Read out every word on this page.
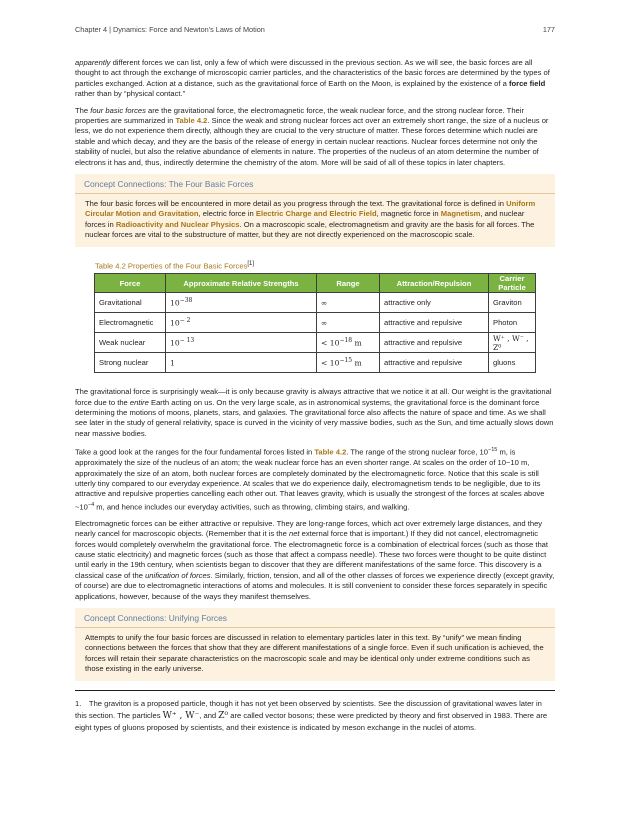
Chapter 4 | Dynamics: Force and Newton's Laws of Motion	177

apparently different forces we can list, only a few of which were discussed in the previous section. As we will see, the basic forces are all thought to act through the exchange of microscopic carrier particles, and the characteristics of the basic forces are determined by the types of particles exchanged. Action at a distance, such as the gravitational force of Earth on the Moon, is explained by the existence of a force field rather than by “physical contact.”

The four basic forces are the gravitational force, the electromagnetic force, the weak nuclear force, and the strong nuclear force. Their properties are summarized in Table 4.2. Since the weak and strong nuclear forces act over an extremely short range, the size of a nucleus or less, we do not experience them directly, although they are crucial to the very structure of matter. These forces determine which nuclei are stable and which decay, and they are the basis of the release of energy in certain nuclear reactions. Nuclear forces determine not only the stability of nuclei, but also the relative abundance of elements in nature. The properties of the nucleus of an atom determine the number of electrons it has and, thus, indirectly determine the chemistry of the atom. More will be said of all of these topics in later chapters.

Concept Connections: The Four Basic Forces

The four basic forces will be encountered in more detail as you progress through the text. The gravitational force is defined in Uniform Circular Motion and Gravitation, electric force in Electric Charge and Electric Field, magnetic force in Magnetism, and nuclear forces in Radioactivity and Nuclear Physics. On a macroscopic scale, electromagnetism and gravity are the basis for all forces. The nuclear forces are vital to the substructure of matter, but they are not directly experienced on the macroscopic scale.

Table 4.2 Properties of the Four Basic Forces[1]
Force	Approximate Relative Strengths	Range	Attraction/Repulsion	Carrier Particle
Gravitational	$10^{-38}$	∞	attractive only	Graviton
Electromagnetic	$10^{- 2}$	∞	attractive and repulsive	Photon
Weak nuclear	$10^{- 13}$	< $10^{-18}$ m	attractive and repulsive	W⁺ , W⁻ , Z⁰
Strong nuclear	1	< $10^{-15}$ m	attractive and repulsive	gluons

The gravitational force is surprisingly weak—it is only because gravity is always attractive that we notice it at all. Our weight is the gravitational force due to the entire Earth acting on us. On the very large scale, as in astronomical systems, the gravitational force is the dominant force determining the motions of moons, planets, stars, and galaxies. The gravitational force also affects the nature of space and time. As we shall see later in the study of general relativity, space is curved in the vicinity of very massive bodies, such as the Sun, and time actually slows down near massive bodies.

Take a good look at the ranges for the four fundamental forces listed in Table 4.2. The range of the strong nuclear force, $10^{-15}$ m, is approximately the size of the nucleus of an atom; the weak nuclear force has an even shorter range. At scales on the order of 10−10 m, approximately the size of an atom, both nuclear forces are completely dominated by the electromagnetic force. Notice that this scale is still utterly tiny compared to our everyday experience. At scales that we do experience daily, electromagnetism tends to be negligible, due to its attractive and repulsive properties cancelling each other out. That leaves gravity, which is usually the strongest of the forces at scales above $\sim 10^{-4}$ m, and hence includes our everyday activities, such as throwing, climbing stairs, and walking.

Electromagnetic forces can be either attractive or repulsive. They are long-range forces, which act over extremely large distances, and they nearly cancel for macroscopic objects. (Remember that it is the net external force that is important.) If they did not cancel, electromagnetic forces would completely overwhelm the gravitational force. The electromagnetic force is a combination of electrical forces (such as those that cause static electricity) and magnetic forces (such as those that affect a compass needle). These two forces were thought to be quite distinct until early in the 19th century, when scientists began to discover that they are different manifestations of the same force. This discovery is a classical case of the unification of forces. Similarly, friction, tension, and all of the other classes of forces we experience directly (except gravity, of course) are due to electromagnetic interactions of atoms and molecules. It is still convenient to consider these forces separately in specific applications, however, because of the ways they manifest themselves.

Concept Connections: Unifying Forces

Attempts to unify the four basic forces are discussed in relation to elementary particles later in this text. By “unify” we mean finding connections between the forces that show that they are different manifestations of a single force. Even if such unification is achieved, the forces will retain their separate characteristics on the macroscopic scale and may be identical only under extreme conditions such as those existing in the early universe.

1. The graviton is a proposed particle, though it has not yet been observed by scientists. See the discussion of gravitational waves later in this section. The particles W⁺ , W⁻, and Z⁰ are called vector bosons; these were predicted by theory and first observed in 1983. There are eight types of gluons proposed by scientists, and their existence is indicated by meson exchange in the nuclei of atoms.
